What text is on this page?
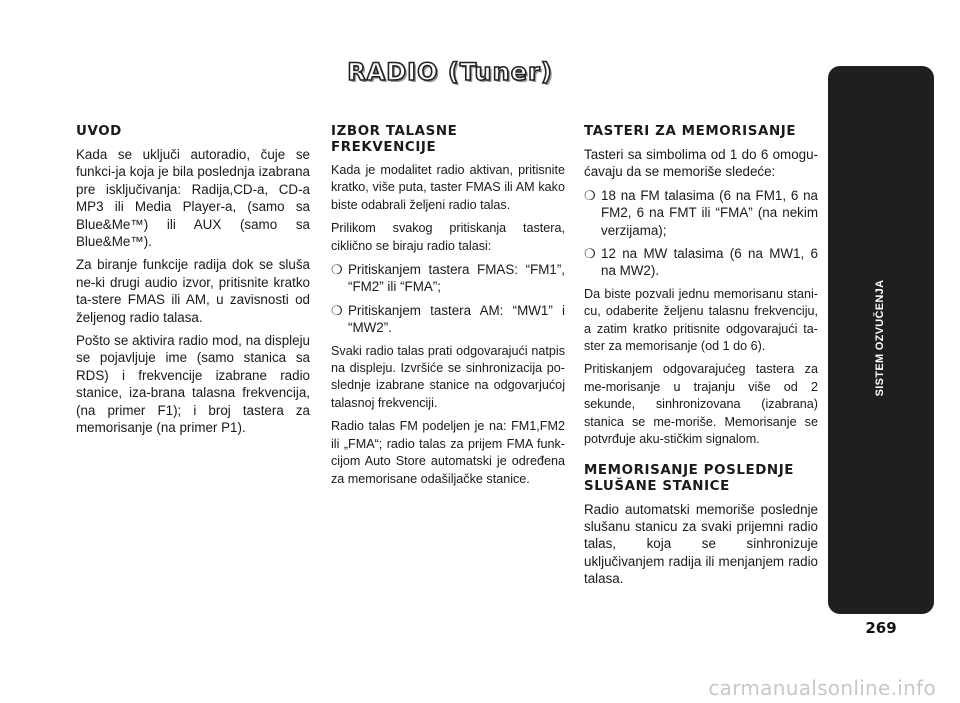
RADIO (Tuner)
UVOD

Kada se uključi autoradio, čuje se funkci-ja koja je bila poslednja izabrana pre isključivanja: Radija,CD-a, CD-a MP3 ili Media Player-a, (samo sa Blue&Me™) ili AUX (samo sa Blue&Me™).

Za biranje funkcije radija dok se sluša ne-ki drugi audio izvor, pritisnite kratko ta-stere FMAS ili AM, u zavisnosti od željenog radio talasa.

Pošto se aktivira radio mod, na displeju se pojavljuje ime (samo stanica sa RDS) i frekvencije izabrane radio stanice, iza-brana talasna frekvencija, (na primer F1); i broj tastera za memorisanje (na primer P1).

IZBOR TALASNE FREKVENCIJE

Kada je modalitet radio aktivan, pritisnite kratko, više puta, taster FMAS ili AM kako biste odabrali željeni radio talas.

Prilikom svakog pritiskanja tastera, ciklično se biraju radio talasi:

❍ Pritiskanjem tastera FMAS: “FM1”, “FM2” ili “FMA”;
❍ Pritiskanjem tastera AM: “MW1” i “MW2”.

Svaki radio talas prati odgovarajući natpis na displeju. Izvršiće se sinhronizacija po-slednje izabrane stanice na odgovarjućoj talasnoj frekvenciji.

Radio talas FM podeljen je na: FM1,FM2 ili „FMA“; radio talas za prijem FMA funk-cijom Auto Store automatski je određena za memorisane odašiljačke stanice.

TASTERI ZA MEMORISANJE

Tasteri sa simbolima od 1 do 6 omogu-ćavaju da se memoriše sledeće:

❍ 18 na FM talasima (6 na FM1, 6 na FM2, 6 na FMT ili “FMA” (na nekim verzijama);
❍ 12 na MW talasima (6 na MW1, 6 na MW2).

Da biste pozvali jednu memorisanu stani-cu, odaberite željenu talasnu frekvenciju, a zatim kratko pritisnite odgovarajući ta-ster za memorisanje (od 1 do 6).

Pritiskanjem odgovarajućeg tastera za me-morisanje u trajanju više od 2 sekunde, sinhronizovana (izabrana) stanica se me-moriše. Memorisanje se potvrđuje aku-stičkim signalom.

MEMORISANJE POSLEDNJE SLUŠANE STANICE

Radio automatski memoriše poslednje slušanu stanicu za svaki prijemni radio talas, koja se sinhronizuje uključivanjem radija ili menjanjem radio talasa.

SISTEM OZVUČENJA
269
carmanualsonline.info
